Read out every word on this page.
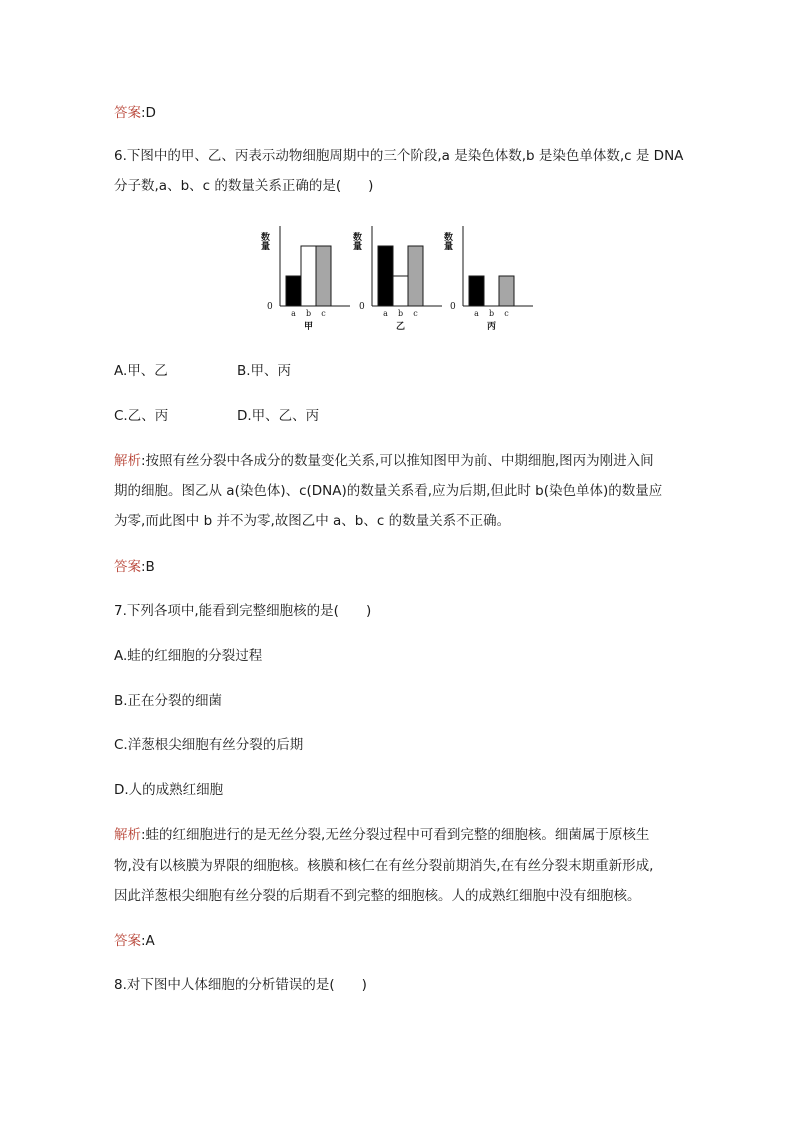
答案:D
6.下图中的甲、乙、丙表示动物细胞周期中的三个阶段,a 是染色体数,b 是染色单体数,c 是 DNA
分子数,a、b、c 的数量关系正确的是(　　)
数量
0
a b c
甲
数量
0
a b c
乙
数量
0
a b c
丙
A.甲、乙	B.甲、丙
C.乙、丙	D.甲、乙、丙
解析:按照有丝分裂中各成分的数量变化关系,可以推知图甲为前、中期细胞,图丙为刚进入间
期的细胞。图乙从 a(染色体)、c(DNA)的数量关系看,应为后期,但此时 b(染色单体)的数量应
为零,而此图中 b 并不为零,故图乙中 a、b、c 的数量关系不正确。
答案:B
7.下列各项中,能看到完整细胞核的是(　　)
A.蛙的红细胞的分裂过程
B.正在分裂的细菌
C.洋葱根尖细胞有丝分裂的后期
D.人的成熟红细胞
解析:蛙的红细胞进行的是无丝分裂,无丝分裂过程中可看到完整的细胞核。细菌属于原核生
物,没有以核膜为界限的细胞核。核膜和核仁在有丝分裂前期消失,在有丝分裂末期重新形成,
因此洋葱根尖细胞有丝分裂的后期看不到完整的细胞核。人的成熟红细胞中没有细胞核。
答案:A
8.对下图中人体细胞的分析错误的是(　　)
